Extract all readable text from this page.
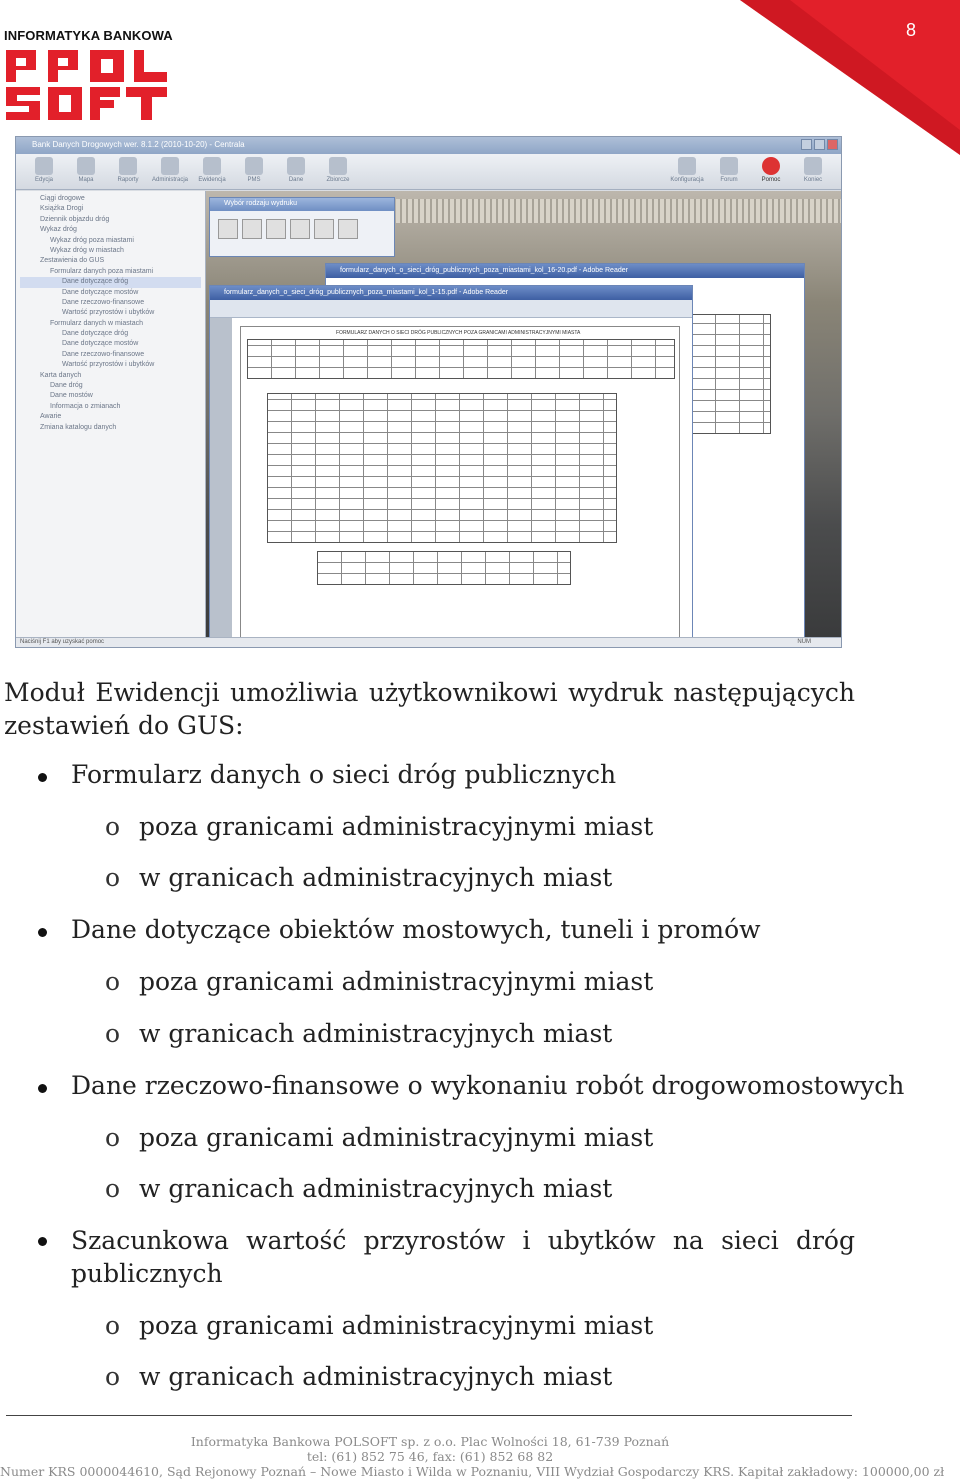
8
INFORMATYKA BANKOWA
Bank Danych Drogowych wer. 8.1.2 (2010-10-20) - Centrala
Edycja	Mapa	Raporty Administracja Ewidencja	PMS	Dane	Zbiorcze	Konfiguracja	Forum	Pomoc	Koniec
Ciągi drogowe
Książka Drogi
Dziennik objazdu dróg
Wykaz dróg
Wykaz dróg poza miastami
Wykaz dróg w miastach
Zestawienia do GUS
Formularz danych poza miastami
Dane dotyczące dróg
Dane dotyczące mostów
Dane rzeczowo-finansowe
Wartość przyrostów i ubytków
Formularz danych w miastach
Dane dotyczące dróg
Dane dotyczące mostów
Dane rzeczowo-finansowe
Wartość przyrostów i ubytków
Karta danych
Dane dróg
Dane mostów
Informacja o zmianach
Awarie
Zmiana katalogu danych
Wybór rodzaju wydruku
formularz_danych_o_sieci_dróg_publicznych_poza_miastami_kol_16-20.pdf - Adobe Reader
formularz_danych_o_sieci_dróg_publicznych_poza_miastami_kol_1-15.pdf - Adobe Reader
FORMULARZ DANYCH O SIECI DRÓG PUBLICZNYCH POZA GRANICAMI ADMINISTRACYJNYMI MIASTA
Naciśnij F1 aby uzyskać pomoc	NUM
Moduł Ewidencji umożliwia użytkownikowi wydruk następujących zestawień do GUS:
Formularz danych o sieci dróg publicznych
o poza granicami administracyjnymi miast
o w granicach administracyjnych miast
Dane dotyczące obiektów mostowych, tuneli i promów
o poza granicami administracyjnymi miast
o w granicach administracyjnych miast
Dane rzeczowo-finansowe o wykonaniu robót drogowomostowych
o poza granicami administracyjnymi miast
o w granicach administracyjnych miast
Szacunkowa wartość przyrostów i ubytków na sieci dróg publicznych
o poza granicami administracyjnymi miast
o w granicach administracyjnych miast
Informatyka Bankowa POLSOFT sp. z o.o. Plac Wolności 18, 61-739 Poznań
tel: (61) 852 75 46, fax: (61) 852 68 82
Numer KRS 0000044610, Sąd Rejonowy Poznań – Nowe Miasto i Wilda w Poznaniu, VIII Wydział Gospodarczy KRS. Kapitał zakładowy: 100000,00 zł
